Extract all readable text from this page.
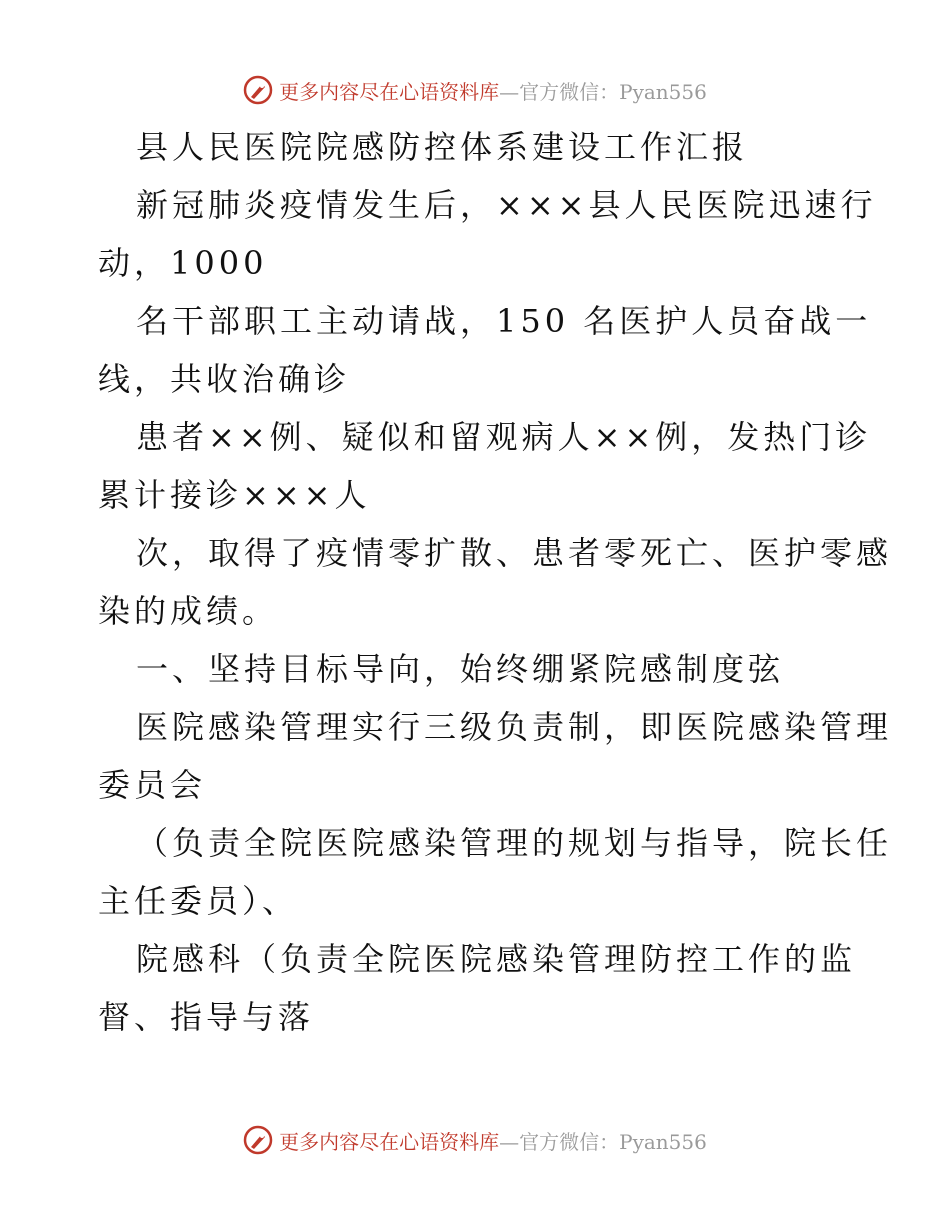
更多内容尽在心语资料库—官方微信：Pyan556
县人民医院院感防控体系建设工作汇报
新冠肺炎疫情发生后，×××县人民医院迅速行
动，1000
名干部职工主动请战，150 名医护人员奋战一
线，共收治确诊
患者××例、疑似和留观病人××例，发热门诊
累计接诊×××人
次，取得了疫情零扩散、患者零死亡、医护零感
染的成绩。
一、坚持目标导向，始终绷紧院感制度弦
医院感染管理实行三级负责制，即医院感染管理
委员会
（负责全院医院感染管理的规划与指导，院长任
主任委员）、
院感科（负责全院医院感染管理防控工作的监
督、指导与落
更多内容尽在心语资料库—官方微信：Pyan556
